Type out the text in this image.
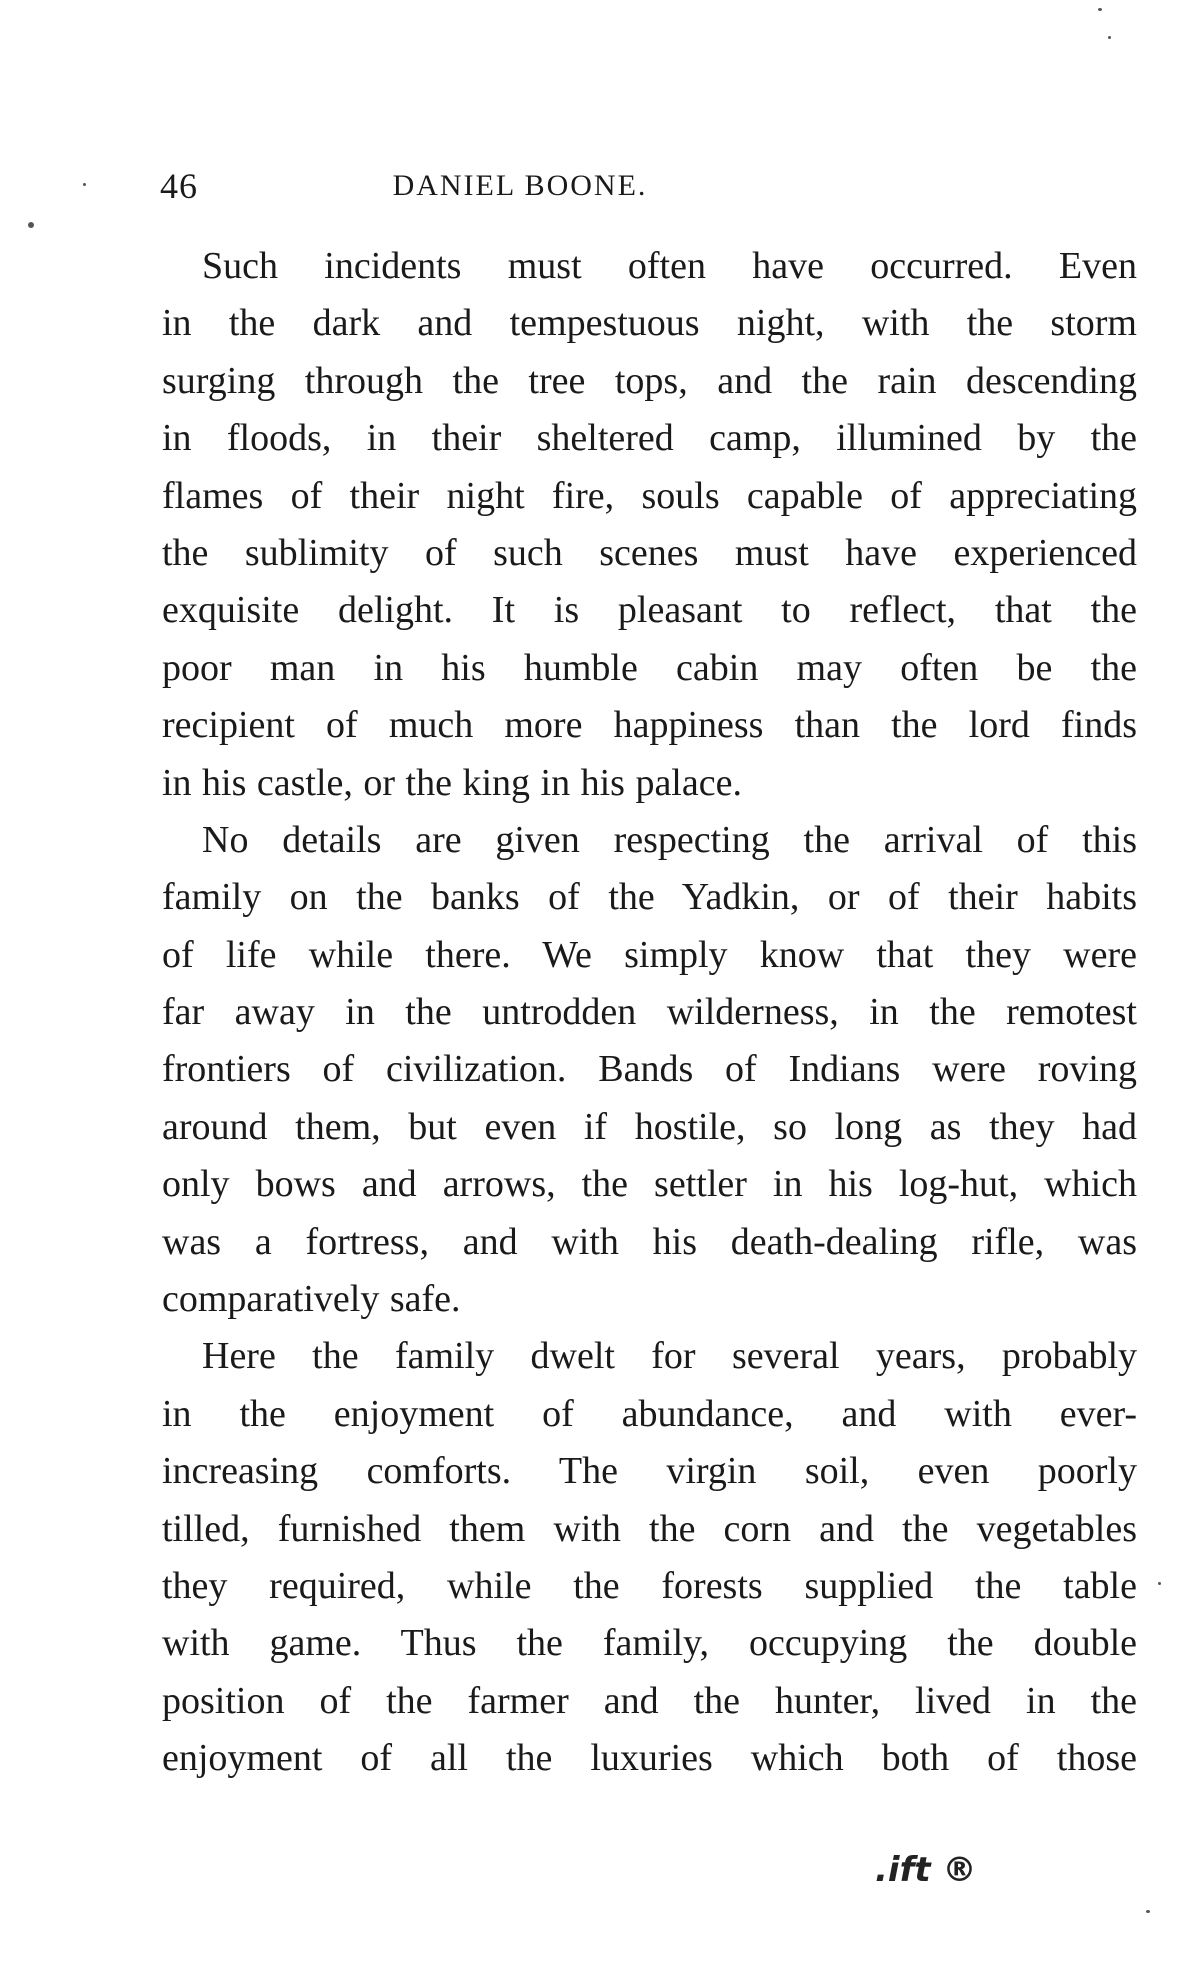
46	DANIEL BOONE.

Such incidents must often have occurred. Even
in the dark and tempestuous night, with the storm
surging through the tree tops, and the rain descending
in floods, in their sheltered camp, illumined by the
flames of their night fire, souls capable of appreciating
the sublimity of such scenes must have experienced
exquisite delight. It is pleasant to reflect, that the
poor man in his humble cabin may often be the
recipient of much more happiness than the lord finds
in his castle, or the king in his palace.

No details are given respecting the arrival of this
family on the banks of the Yadkin, or of their habits
of life while there. We simply know that they were
far away in the untrodden wilderness, in the remotest
frontiers of civilization. Bands of Indians were roving
around them, but even if hostile, so long as they had
only bows and arrows, the settler in his log-hut, which
was a fortress, and with his death-dealing rifle, was
comparatively safe.

Here the family dwelt for several years, probably
in the enjoyment of abundance, and with ever-
increasing comforts. The virgin soil, even poorly
tilled, furnished them with the corn and the vegetables
they required, while the forests supplied the table
with game. Thus the family, occupying the double
position of the farmer and the hunter, lived in the
enjoyment of all the luxuries which both of those

.ift ®
